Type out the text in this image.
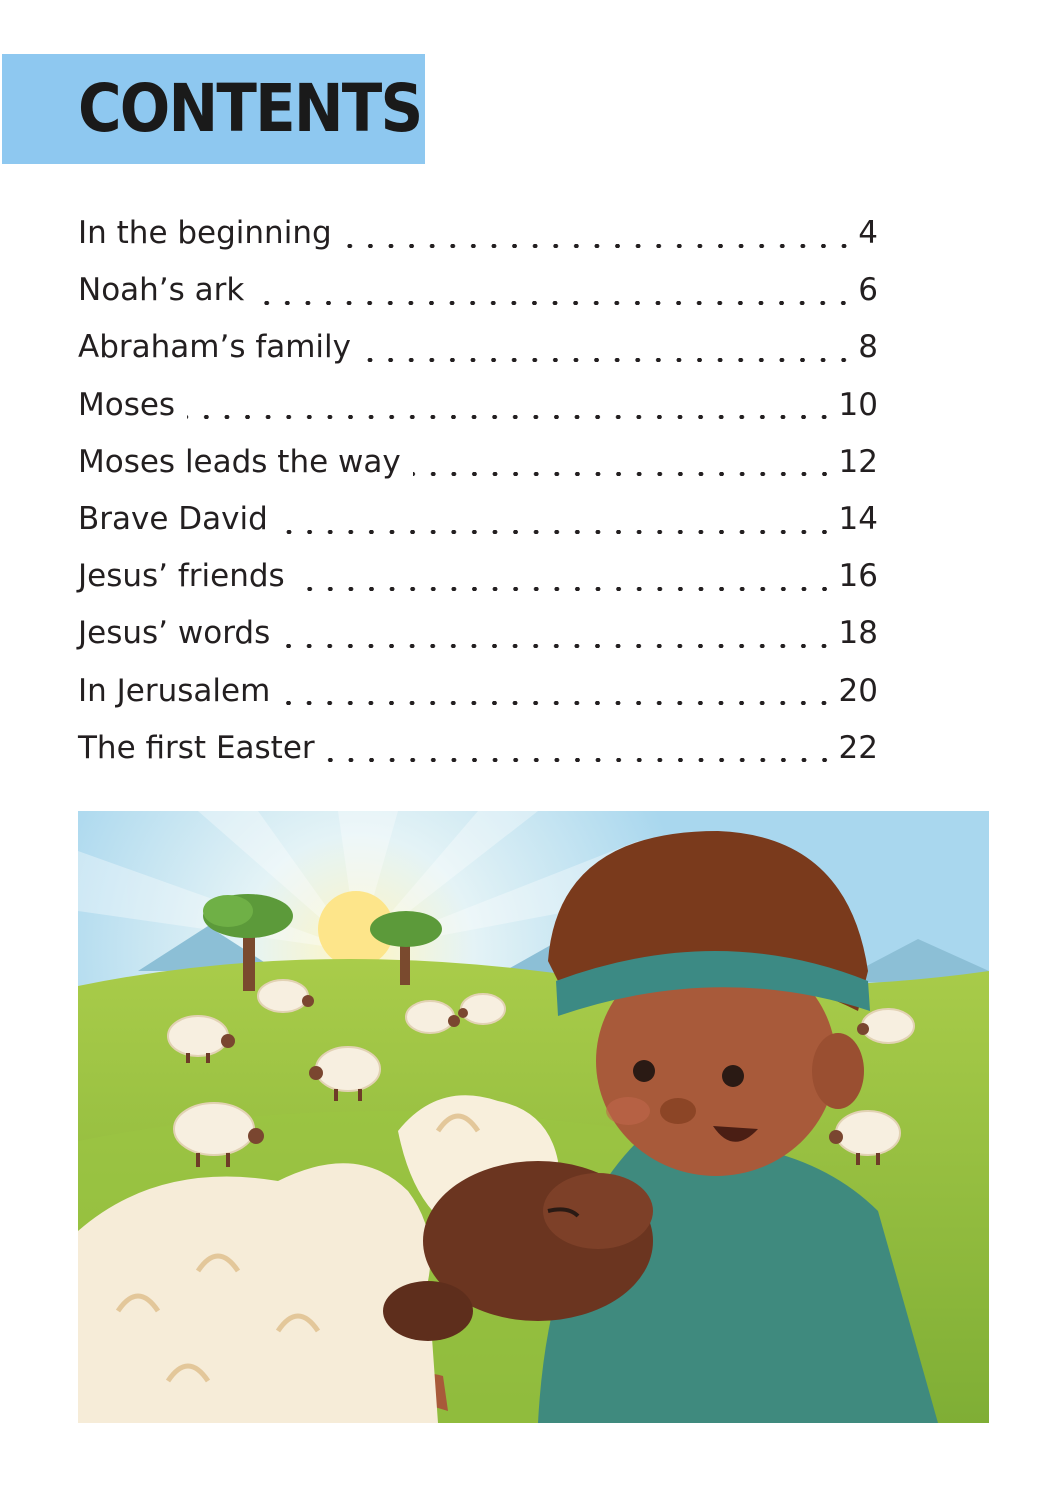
CONTENTS
In the beginning	4
Noah’s ark	6
Abraham’s family	8
Moses	10
Moses leads the way	12
Brave David	14
Jesus’ friends	16
Jesus’ words	18
In Jerusalem	20
The first Easter	22
